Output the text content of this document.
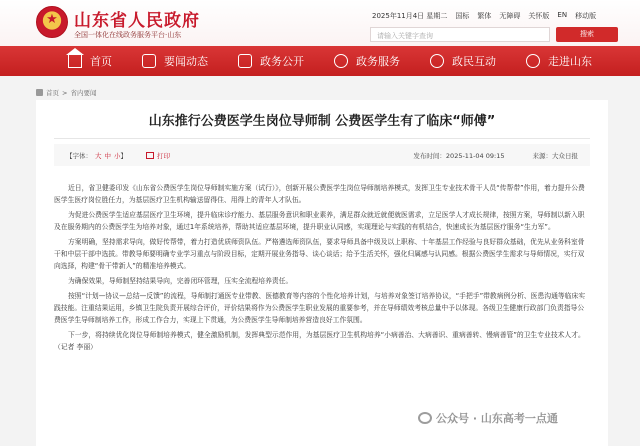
★
山东省人民政府
全国一体化在线政务服务平台·山东
2025年11月4日 星期二 国标 繁体 无障碍 关怀版 EN 移动版
请输入关键字查询	搜索
首页	要闻动态	政务公开	政务服务	政民互动	走进山东
首页 > 省内要闻
山东推行公费医学生岗位导师制 公费医学生有了临床“师傅”
【字体： 大 中 小】	打印	发布时间：2025-11-04 09:15	来源：大众日报

近日，省卫健委印发《山东省公费医学生岗位导师制实施方案（试行）》，创新开展公费医学生岗位导师制培养模式，发挥卫生专业技术骨干人员“传帮带”作用，着力提升公费医学生医疗岗位胜任力，为基层医疗卫生机构输送留得住、用得上的青年人才队伍。

为促进公费医学生适应基层医疗卫生环境，提升临床诊疗能力、基层服务意识和职业素养，满足群众就近就便就医需求，立足医学人才成长规律，按照方案，导师制以新入职及在服务期内的公费医学生为培养对象，通过1年系统培养，帮助其适应基层环境，提升职业认同感，实现理论与实践的有机结合，快速成长为基层医疗服务“生力军”。

方案明确，坚持需求导向，做好传帮带，着力打造优质师资队伍。严格遴选师资队伍，要求导师具备中级及以上职称、十年基层工作经验与良好群众基础，优先从业务科室骨干和中层干部中选拔。带教导师要明确专业学习重点与阶段目标，定期开展业务指导、谈心谈话；给予生活关怀，强化归属感与认同感。根据公费医学生需求与导师情况，实行双向选择，构建“骨干带新人”的精准培养模式。

为确保效果，导师制坚持结果导向，完善闭环管理，压实全流程培养责任。

按照“计划—协议—总结—反馈”的流程，导师制打通医专业带教、医德教育等内容的个性化培养计划，与培养对象签订培养协议，“手把手”带教病例分析、医患沟通等临床实践技能。注重结果运用，乡镇卫生院负责开展综合评价，评价结果将作为公费医学生职业发展的重要参考，并在导师绩效考核总量中予以体现。各级卫生健康行政部门负责指导公费医学生导师制培养工作，形成工作合力，实现上下贯通，为公费医学生导师制培养营造良好工作氛围。

下一步，将持续优化岗位导师制培养模式，健全激励机制，发挥典型示范作用，为基层医疗卫生机构培养“小病善治、大病善识、重病善转、慢病善管”的卫生专业技术人才。（记者 李丽）

公众号 · 山东高考一点通
